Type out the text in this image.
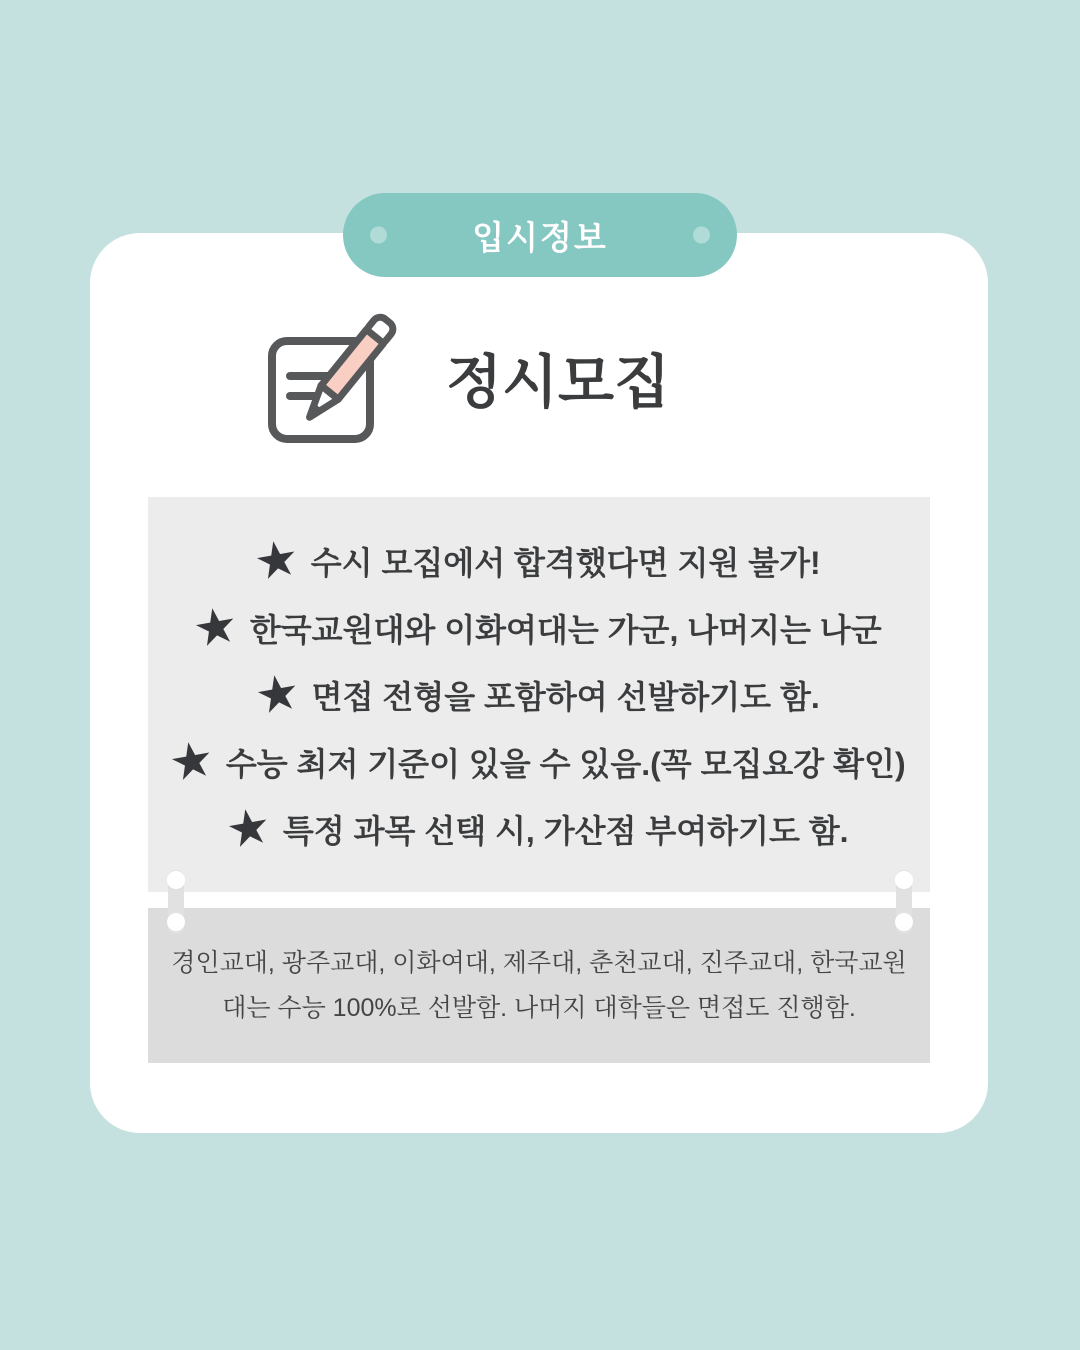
입시정보
정시모집
★ 수시 모집에서 합격했다면 지원 불가!
★ 한국교원대와 이화여대는 가군, 나머지는 나군
★ 면접 전형을 포함하여 선발하기도 함.
★ 수능 최저 기준이 있을 수 있음.(꼭 모집요강 확인)
★ 특정 과목 선택 시, 가산점 부여하기도 함.

경인교대, 광주교대, 이화여대, 제주대, 춘천교대, 진주교대, 한국교원대는 수능 100%로 선발함. 나머지 대학들은 면접도 진행함.
